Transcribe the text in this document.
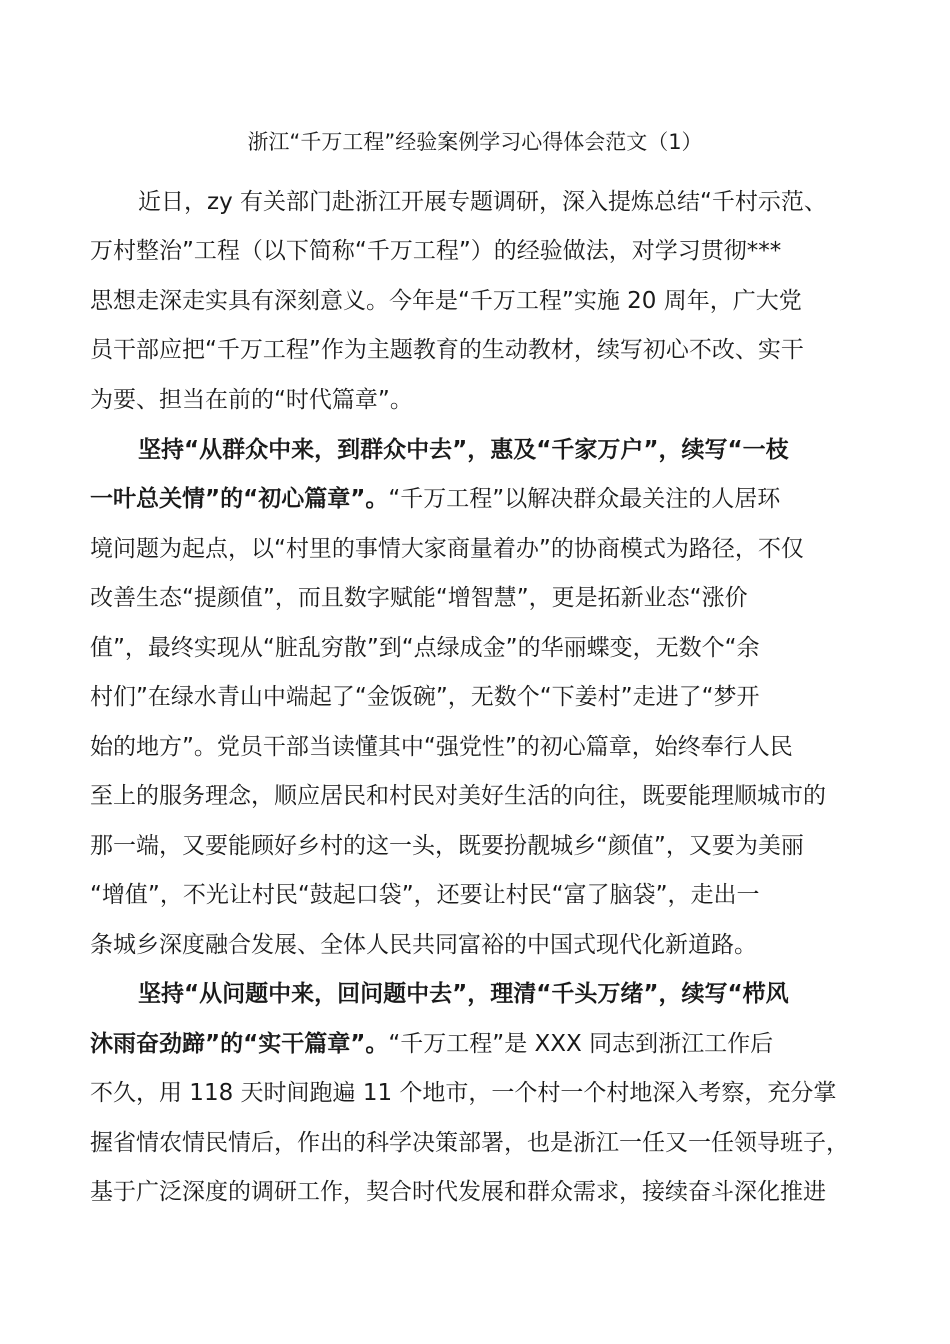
浙江“千万工程”经验案例学习心得体会范文（1）
近日，zy 有关部门赴浙江开展专题调研，深入提炼总结“千村示范、
万村整治”工程（以下简称“千万工程”）的经验做法，对学习贯彻***
思想走深走实具有深刻意义。今年是“千万工程”实施 20 周年，广大党
员干部应把“千万工程”作为主题教育的生动教材，续写初心不改、实干
为要、担当在前的“时代篇章”。
坚持“从群众中来，到群众中去”，惠及“千家万户”，续写“一枝
一叶总关情”的“初心篇章”。“千万工程”以解决群众最关注的人居环
境问题为起点，以“村里的事情大家商量着办”的协商模式为路径，不仅
改善生态“提颜值”，而且数字赋能“增智慧”，更是拓新业态“涨价
值”，最终实现从“脏乱穷散”到“点绿成金”的华丽蝶变，无数个“余
村们”在绿水青山中端起了“金饭碗”，无数个“下姜村”走进了“梦开
始的地方”。党员干部当读懂其中“强党性”的初心篇章，始终奉行人民
至上的服务理念，顺应居民和村民对美好生活的向往，既要能理顺城市的
那一端，又要能顾好乡村的这一头，既要扮靓城乡“颜值”，又要为美丽
“增值”，不光让村民“鼓起口袋”，还要让村民“富了脑袋”，走出一
条城乡深度融合发展、全体人民共同富裕的中国式现代化新道路。
坚持“从问题中来，回问题中去”，理清“千头万绪”，续写“栉风
沐雨奋劲蹄”的“实干篇章”。“千万工程”是 XXX 同志到浙江工作后
不久，用 118 天时间跑遍 11 个地市，一个村一个村地深入考察，充分掌
握省情农情民情后，作出的科学决策部署，也是浙江一任又一任领导班子，
基于广泛深度的调研工作，契合时代发展和群众需求，接续奋斗深化推进
